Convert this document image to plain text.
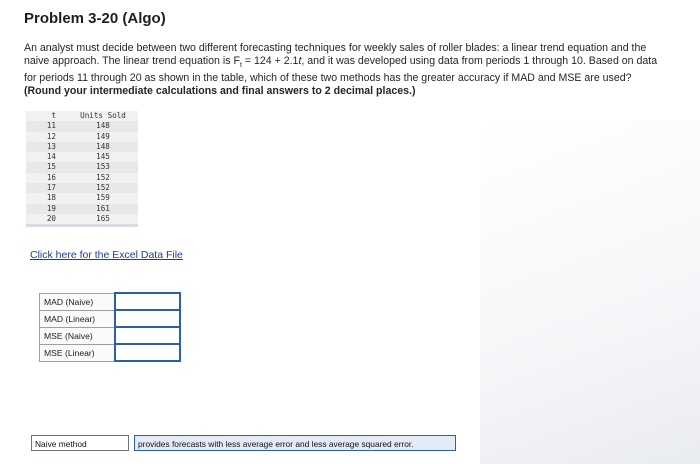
Problem 3-20 (Algo)
An analyst must decide between two different forecasting techniques for weekly sales of roller blades: a linear trend equation and the
naive approach. The linear trend equation is $F_t = 124 + 2.1t$, and it was developed using data from periods 1 through 10. Based on data
for periods 11 through 20 as shown in the table, which of these two methods has the greater accuracy if MAD and MSE are used?
(Round your intermediate calculations and final answers to 2 decimal places.)
t	Units Sold
11	148
12	149
13	148
14	145
15	153
16	152
17	152
18	159
19	161
20	165
Click here for the Excel Data File
MAD (Naive)	
MAD (Linear)	
MSE (Naive)	
MSE (Linear)	
Naive method	provides forecasts with less average error and less average squared error.
